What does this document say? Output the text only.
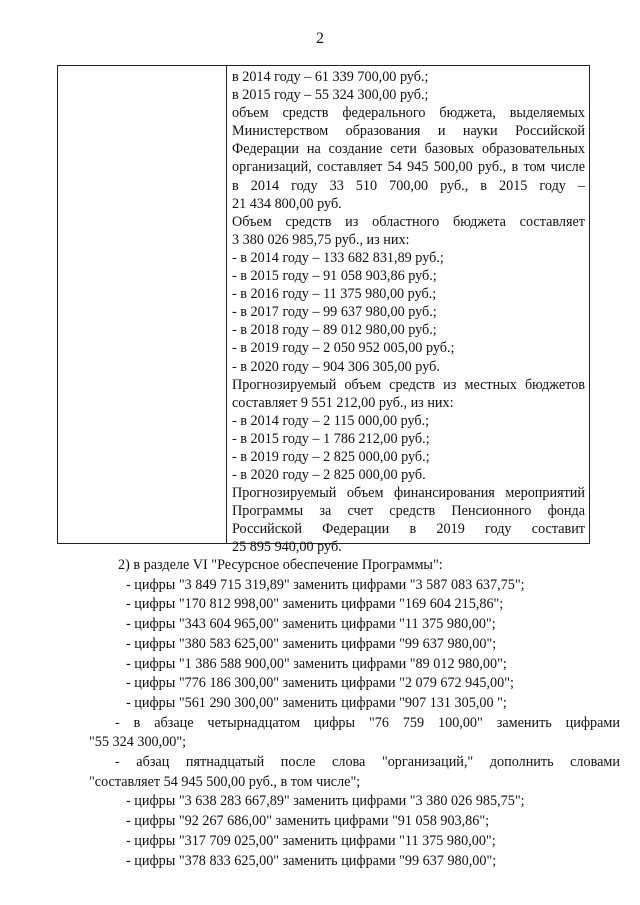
2
в 2014 году – 61 339 700,00 руб.;
в 2015 году – 55 324 300,00 руб.;
объем средств федерального бюджета, выделяемых
Министерством образования и науки Российской
Федерации на создание сети базовых образовательных
организаций, составляет 54 945 500,00 руб., в том числе
в 2014 году 33 510 700,00 руб., в 2015 году –
21 434 800,00 руб.
Объем средств из областного бюджета составляет
3 380 026 985,75 руб., из них:
- в 2014 году – 133 682 831,89 руб.;
- в 2015 году – 91 058 903,86 руб.;
- в 2016 году – 11 375 980,00 руб.;
- в 2017 году – 99 637 980,00 руб.;
- в 2018 году – 89 012 980,00 руб.;
- в 2019 году – 2 050 952 005,00 руб.;
- в 2020 году – 904 306 305,00 руб.
Прогнозируемый объем средств из местных бюджетов
составляет 9 551 212,00 руб., из них:
- в 2014 году – 2 115 000,00 руб.;
- в 2015 году – 1 786 212,00 руб.;
- в 2019 году – 2 825 000,00 руб.;
- в 2020 году – 2 825 000,00 руб.
Прогнозируемый объем финансирования мероприятий
Программы за счет средств Пенсионного фонда
Российской Федерации в 2019 году составит
25 895 940,00 руб.
2) в разделе VI "Ресурсное обеспечение Программы":
- цифры "3 849 715 319,89" заменить цифрами "3 587 083 637,75";
- цифры "170 812 998,00" заменить цифрами "169 604 215,86";
- цифры "343 604 965,00" заменить цифрами "11 375 980,00";
- цифры "380 583 625,00" заменить цифрами "99 637 980,00";
- цифры "1 386 588 900,00" заменить цифрами "89 012 980,00";
- цифры "776 186 300,00" заменить цифрами "2 079 672 945,00";
- цифры "561 290 300,00" заменить цифрами "907 131 305,00 ";
- в абзаце четырнадцатом цифры "76 759 100,00" заменить цифрами
"55 324 300,00";
- абзац пятнадцатый после слова "организаций," дополнить словами
"составляет 54 945 500,00 руб., в том числе";
- цифры "3 638 283 667,89" заменить цифрами "3 380 026 985,75";
- цифры "92 267 686,00" заменить цифрами "91 058 903,86";
- цифры "317 709 025,00" заменить цифрами "11 375 980,00";
- цифры "378 833 625,00" заменить цифрами "99 637 980,00";
